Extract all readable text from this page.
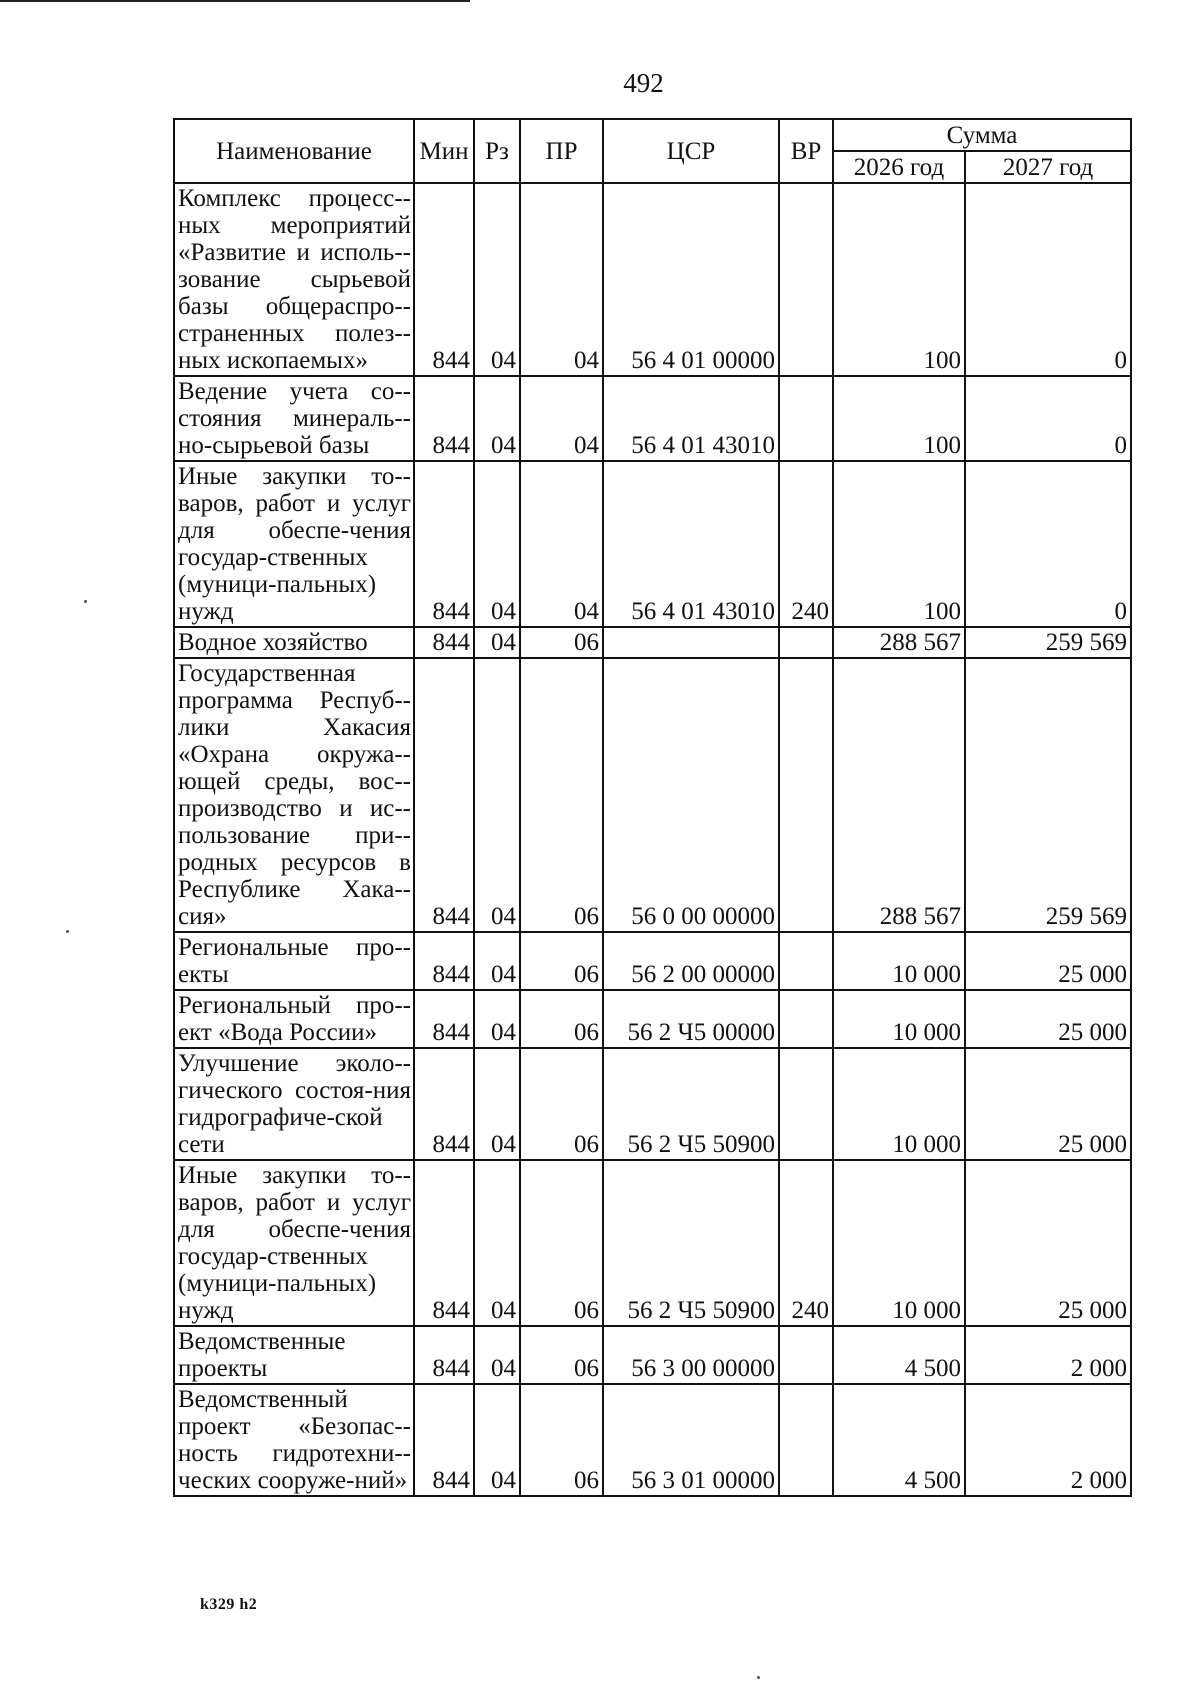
492
Наименование	Мин	Рз	ПР	ЦСР	ВР	Сумма	
						2026 год	2027 год
Комплекс процесс-ных мероприятий «Развитие и исполь-зование сырьевой базы общераспро-страненных полез-ных ископаемых»	844	04	04	56 4 01 00000		100	0
Ведение учета со-стояния минераль-но-сырьевой базы	844	04	04	56 4 01 43010		100	0
Иные закупки то-варов, работ и услуг для обеспе-чения государ-ственных (муници-пальных) нужд	844	04	04	56 4 01 43010	240	100	0
Водное хозяйство	844	04	06			288 567	259 569
Государственная программа Респуб-лики Хакасия «Охрана окружа-ющей среды, вос-производство и ис-пользование при-родных ресурсов в Республике Хака-сия»	844	04	06	56 0 00 00000		288 567	259 569
Региональные про-екты	844	04	06	56 2 00 00000		10 000	25 000
Региональный про-ект «Вода России»	844	04	06	56 2 Ч5 00000		10 000	25 000
Улучшение эколо-гического состоя-ния гидрографиче-ской сети	844	04	06	56 2 Ч5 50900		10 000	25 000
Иные закупки то-варов, работ и услуг для обеспе-чения государ-ственных (муници-пальных) нужд	844	04	06	56 2 Ч5 50900	240	10 000	25 000
Ведомственные проекты	844	04	06	56 3 00 00000		4 500	2 000
Ведомственный проект «Безопас-ность гидротехни-ческих сооруже-ний»	844	04	06	56 3 01 00000		4 500	2 000
k329 h2
